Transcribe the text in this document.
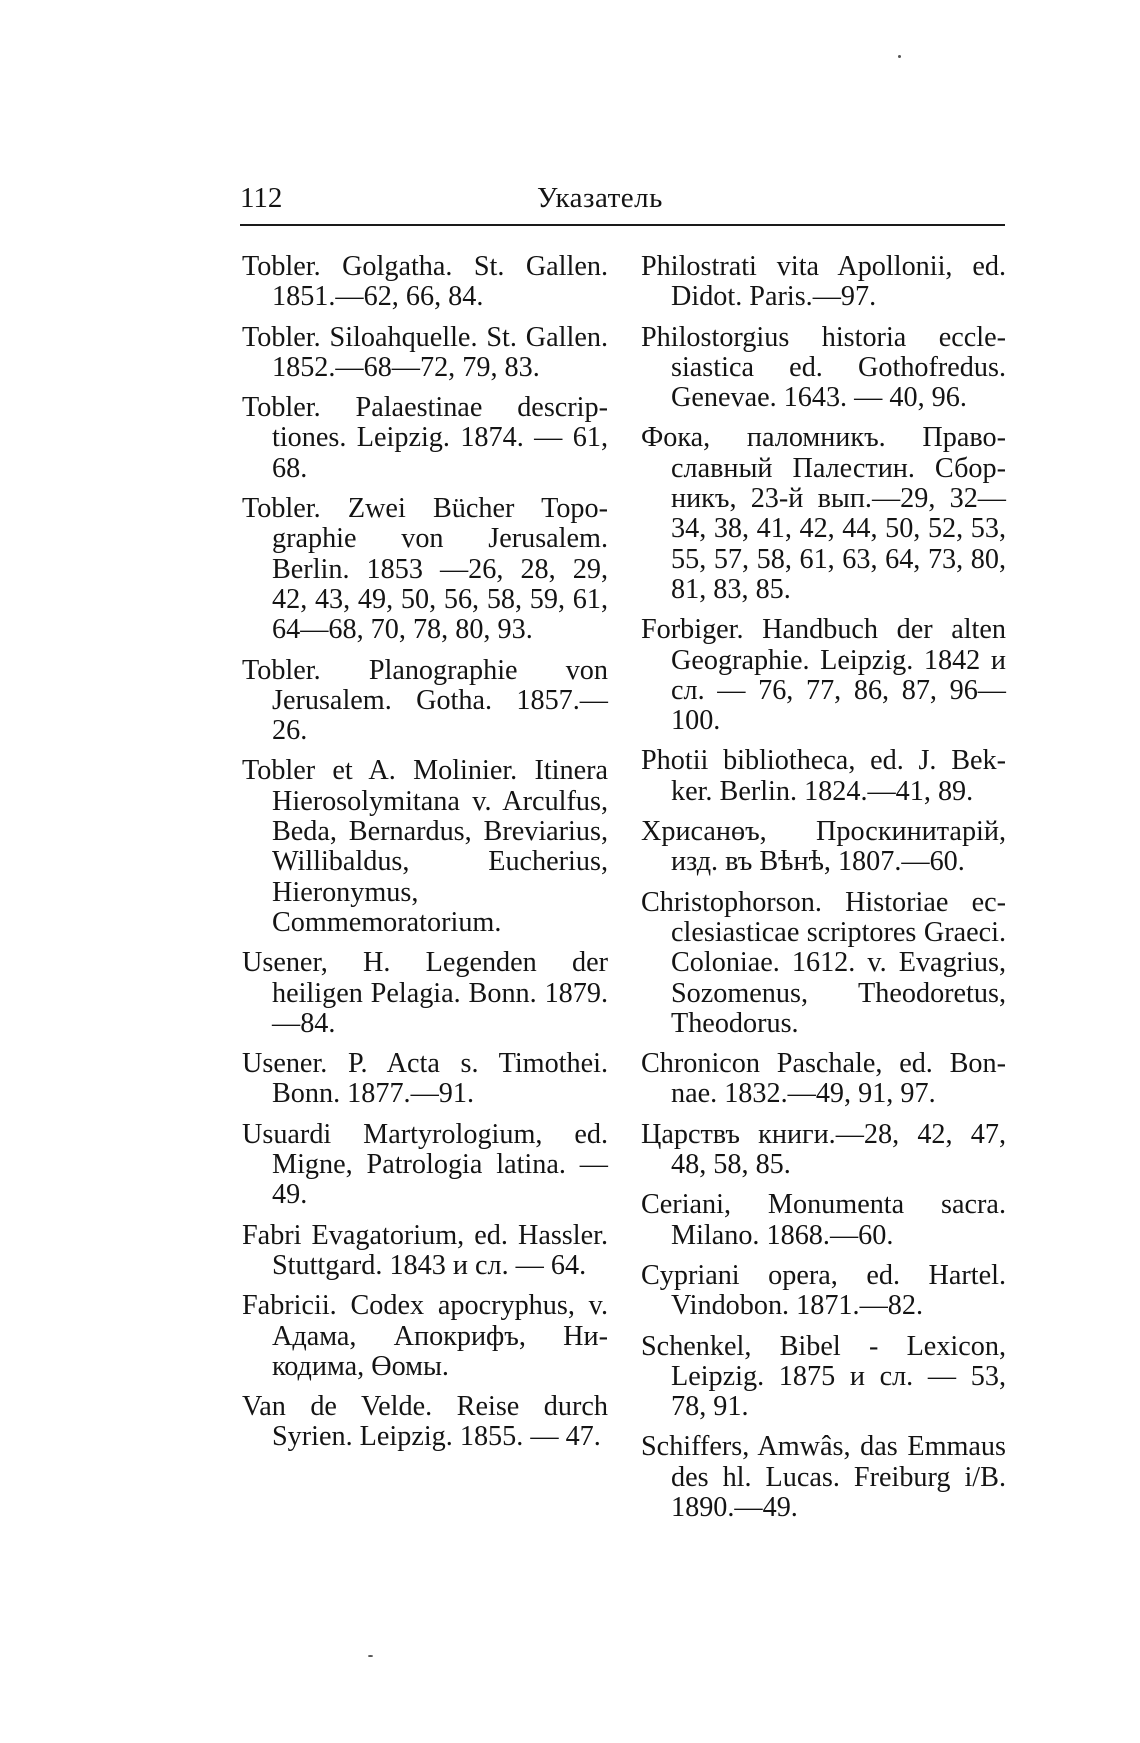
112	Указатель

Tobler. Golgatha. St. Gallen. 1851.—62, 66, 84.

Tobler. Siloahquelle. St. Gallen. 1852.—68—72, 79, 83.

Tobler. Palaestinae descriptiones. Leipzig. 1874. — 61, 68.

Tobler. Zwei Bücher Topographie von Jerusalem. Berlin. 1853 —26, 28, 29, 42, 43, 49, 50, 56, 58, 59, 61, 64—68, 70, 78, 80, 93.

Tobler. Planographie von Jerusalem. Gotha. 1857.— 26.

Tobler et A. Molinier. Itinera Hierosolymitana v. Arculfus, Beda, Bernardus, Breviarius, Willibaldus, Eucherius, Hieronymus, Commemoratorium.

Usener, H. Legenden der heiligen Pelagia. Bonn. 1879.—84.

Usener. P. Acta s. Timothei. Bonn. 1877.—91.

Usuardi Martyrologium, ed. Migne, Patrologia latina. —49.

Fabri Evagatorium, ed. Hassler. Stuttgard. 1843 и сл. — 64.

Fabricii. Codex apocryphus, v. Адама, Апокрифъ, Никодима, Өомы.

Van de Velde. Reise durch Syrien. Leipzig. 1855. — 47.

Philostrati vita Apollonii, ed. Didot. Paris.—97.

Philostorgius historia ecclesiastica ed. Gothofredus. Genevae. 1643. — 40, 96.

Фока, паломникъ. Православный Палестин. Сборникъ, 23-й вып.—29, 32— 34, 38, 41, 42, 44, 50, 52, 53, 55, 57, 58, 61, 63, 64, 73, 80, 81, 83, 85.

Forbiger. Handbuch der alten Geographie. Leipzig. 1842 и сл. — 76, 77, 86, 87, 96—100.

Photii bibliotheca, ed. J. Bekker. Berlin. 1824.—41, 89.

Хрисанөъ, Проскинитарій, изд. въ Вѣнѣ, 1807.—60.

Christophorson. Historiae ecclesiasticae scriptores Graeci. Coloniae. 1612. v. Evagrius, Sozomenus, Theodoretus, Theodorus.

Chronicon Paschale, ed. Bonnae. 1832.—49, 91, 97.

Царствъ книги.—28, 42, 47, 48, 58, 85.

Ceriani, Monumenta sacra. Milano. 1868.—60.

Cypriani opera, ed. Hartel. Vindobon. 1871.—82.

Schenkel, Bibel - Lexicon, Leipzig. 1875 и сл. — 53, 78, 91.

Schiffers, Amwâs, das Emmaus des hl. Lucas. Freiburg i/B. 1890.—49.
